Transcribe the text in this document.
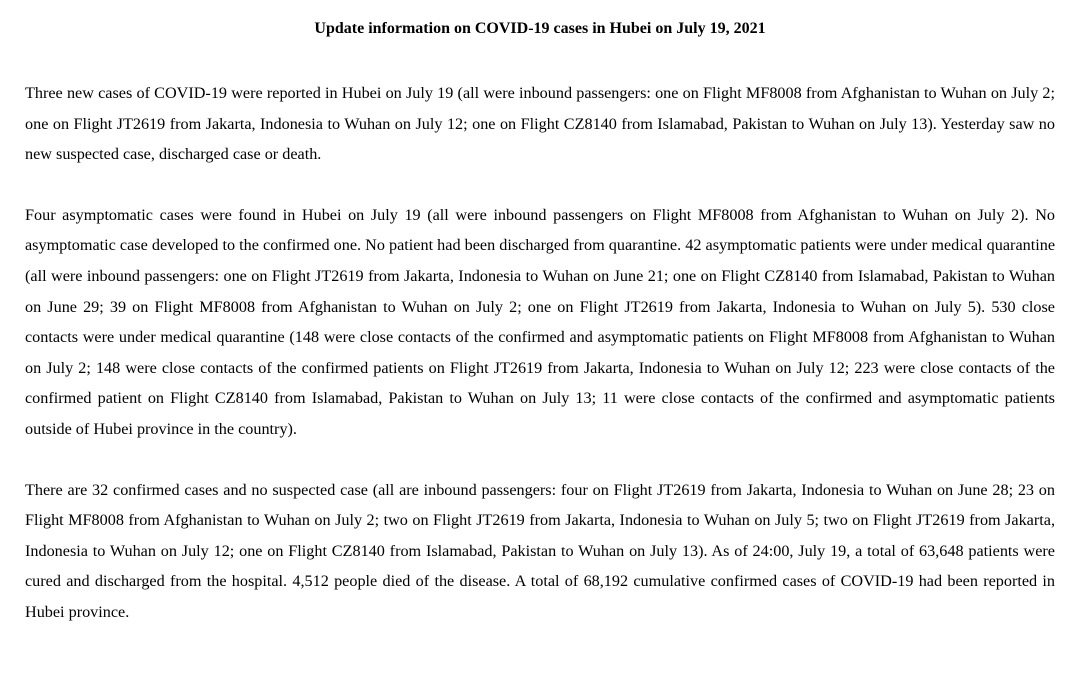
Update information on COVID-19 cases in Hubei on July 19, 2021

Three new cases of COVID-19 were reported in Hubei on July 19 (all were inbound passengers: one on Flight MF8008 from Afghanistan to Wuhan on July 2; one on Flight JT2619 from Jakarta, Indonesia to Wuhan on July 12; one on Flight CZ8140 from Islamabad, Pakistan to Wuhan on July 13). Yesterday saw no new suspected case, discharged case or death.

Four asymptomatic cases were found in Hubei on July 19 (all were inbound passengers on Flight MF8008 from Afghanistan to Wuhan on July 2). No asymptomatic case developed to the confirmed one. No patient had been discharged from quarantine. 42 asymptomatic patients were under medical quarantine (all were inbound passengers: one on Flight JT2619 from Jakarta, Indonesia to Wuhan on June 21; one on Flight CZ8140 from Islamabad, Pakistan to Wuhan on June 29; 39 on Flight MF8008 from Afghanistan to Wuhan on July 2; one on Flight JT2619 from Jakarta, Indonesia to Wuhan on July 5). 530 close contacts were under medical quarantine (148 were close contacts of the confirmed and asymptomatic patients on Flight MF8008 from Afghanistan to Wuhan on July 2; 148 were close contacts of the confirmed patients on Flight JT2619 from Jakarta, Indonesia to Wuhan on July 12; 223 were close contacts of the confirmed patient on Flight CZ8140 from Islamabad, Pakistan to Wuhan on July 13; 11 were close contacts of the confirmed and asymptomatic patients outside of Hubei province in the country).

There are 32 confirmed cases and no suspected case (all are inbound passengers: four on Flight JT2619 from Jakarta, Indonesia to Wuhan on June 28; 23 on Flight MF8008 from Afghanistan to Wuhan on July 2; two on Flight JT2619 from Jakarta, Indonesia to Wuhan on July 5; two on Flight JT2619 from Jakarta, Indonesia to Wuhan on July 12; one on Flight CZ8140 from Islamabad, Pakistan to Wuhan on July 13). As of 24:00, July 19, a total of 63,648 patients were cured and discharged from the hospital. 4,512 people died of the disease. A total of 68,192 cumulative confirmed cases of COVID-19 had been reported in Hubei province.
